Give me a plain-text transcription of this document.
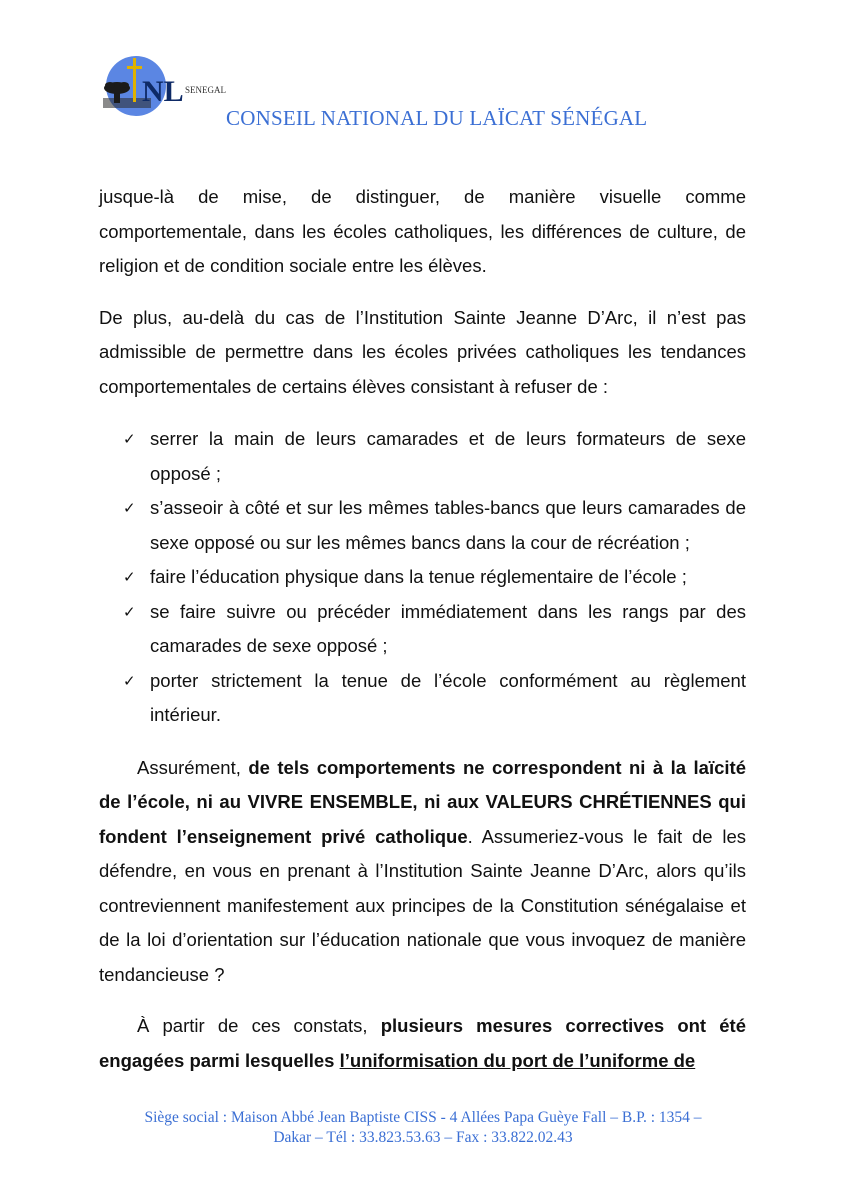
NL SENEGAL
CONSEIL NATIONAL DU LAÏCAT SÉNÉGAL

jusque-là de mise, de distinguer, de manière visuelle comme comportementale, dans les écoles catholiques, les différences de culture, de religion et de condition sociale entre les élèves.

De plus, au-delà du cas de l’Institution Sainte Jeanne D’Arc, il n’est pas admissible de permettre dans les écoles privées catholiques les tendances comportementales de certains élèves consistant à refuser de :

✓ serrer la main de leurs camarades et de leurs formateurs de sexe opposé ;
✓ s’asseoir à côté et sur les mêmes tables-bancs que leurs camarades de sexe opposé ou sur les mêmes bancs dans la cour de récréation ;
✓ faire l’éducation physique dans la tenue réglementaire de l’école ;
✓ se faire suivre ou précéder immédiatement dans les rangs par des camarades de sexe opposé ;
✓ porter strictement la tenue de l’école conformément au règlement intérieur.

Assurément, de tels comportements ne correspondent ni à la laïcité de l’école, ni au VIVRE ENSEMBLE, ni aux VALEURS CHRÉTIENNES qui fondent l’enseignement privé catholique. Assumeriez-vous le fait de les défendre, en vous en prenant à l’Institution Sainte Jeanne D’Arc, alors qu’ils contreviennent manifestement aux principes de la Constitution sénégalaise et de la loi d’orientation sur l’éducation nationale que vous invoquez de manière tendancieuse ?

À partir de ces constats, plusieurs mesures correctives ont été engagées parmi lesquelles l’uniformisation du port de l’uniforme de

Siège social : Maison Abbé Jean Baptiste CISS - 4 Allées Papa Guèye Fall – B.P. : 1354 –
Dakar – Tél : 33.823.53.63 – Fax : 33.822.02.43
